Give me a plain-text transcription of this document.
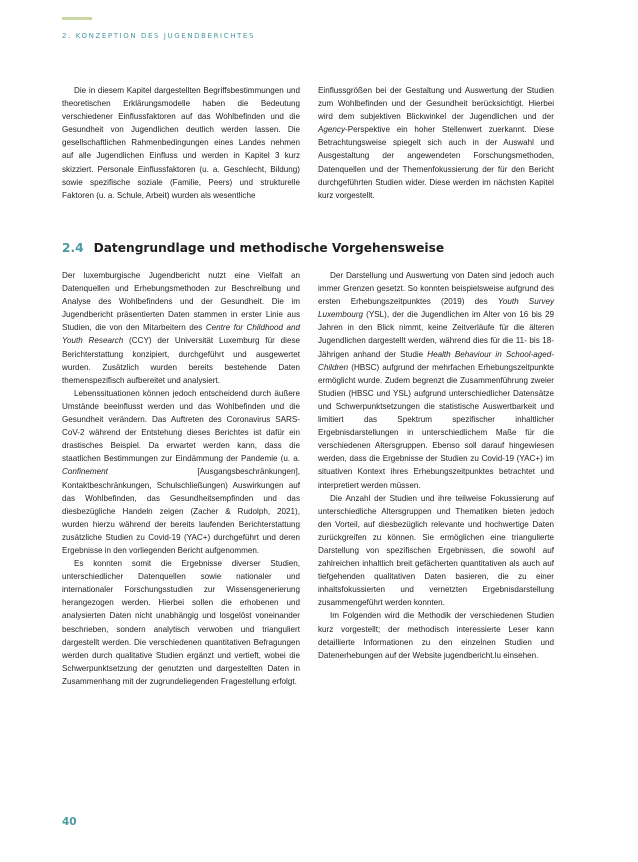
2. KONZEPTION DES JUGENDBERICHTES

Die in diesem Kapitel dargestellten Begriffsbestimmungen und theoretischen Erklärungsmodelle haben die Bedeutung verschiedener Einflussfaktoren auf das Wohlbefinden und die Gesundheit von Jugendlichen deutlich werden lassen. Die gesellschaftlichen Rahmenbedingungen eines Landes nehmen auf alle Jugendlichen Einfluss und werden in Kapitel 3 kurz skizziert. Personale Einflussfaktoren (u. a. Geschlecht, Bildung) sowie spezifische soziale (Familie, Peers) und strukturelle Faktoren (u. a. Schule, Arbeit) wurden als wesentliche

Einflussgrößen bei der Gestaltung und Auswertung der Studien zum Wohlbefinden und der Gesundheit berücksichtigt. Hierbei wird dem subjektiven Blickwinkel der Jugendlichen und der Agency-Perspektive ein hoher Stellenwert zuerkannt. Diese Betrachtungsweise spiegelt sich auch in der Auswahl und Ausgestaltung der angewendeten Forschungsmethoden, Datenquellen und der Themenfokussierung der für den Bericht durchgeführten Studien wider. Diese werden im nächsten Kapitel kurz vorgestellt.

2.4 Datengrundlage und methodische Vorgehensweise

Der luxemburgische Jugendbericht nutzt eine Vielfalt an Datenquellen und Erhebungsmethoden zur Beschreibung und Analyse des Wohlbefindens und der Gesundheit. Die im Jugendbericht präsentierten Daten stammen in erster Linie aus Studien, die von den Mitarbeitern des Centre for Childhood and Youth Research (CCY) der Universität Luxemburg für diese Berichterstattung konzipiert, durchgeführt und ausgewertet wurden. Zusätzlich wurden bereits bestehende Daten themenspezifisch aufbereitet und analysiert.

Lebenssituationen können jedoch entscheidend durch äußere Umstände beeinflusst werden und das Wohlbefinden und die Gesundheit verändern. Das Auftreten des Coronavirus SARS-CoV-2 während der Entstehung dieses Berichtes ist dafür ein drastisches Beispiel. Da erwartet werden kann, dass die staatlichen Bestimmungen zur Eindämmung der Pandemie (u. a. Confinement [Ausgangsbeschränkungen], Kontaktbeschränkungen, Schulschließungen) Auswirkungen auf das Wohlbefinden, das Gesundheitsempfinden und das diesbezügliche Handeln zeigen (Zacher & Rudolph, 2021), wurden hierzu während der bereits laufenden Berichterstattung zusätzliche Studien zu Covid-19 (YAC+) durchgeführt und deren Ergebnisse in den vorliegenden Bericht aufgenommen.

Es konnten somit die Ergebnisse diverser Studien, unterschiedlicher Datenquellen sowie nationaler und internationaler Forschungsstudien zur Wissensgenerierung herangezogen werden. Hierbei sollen die erhobenen und analysierten Daten nicht unabhängig und losgelöst voneinander beschrieben, sondern analytisch verwoben und trianguliert dargestellt werden. Die verschiedenen quantitativen Befragungen werden durch qualitative Studien ergänzt und vertieft, wobei die Schwerpunktsetzung der genutzten und dargestellten Daten in Zusammenhang mit der zugrundeliegenden Fragestellung erfolgt.

Der Darstellung und Auswertung von Daten sind jedoch auch immer Grenzen gesetzt. So konnten beispielsweise aufgrund des ersten Erhebungszeitpunktes (2019) des Youth Survey Luxembourg (YSL), der die Jugendlichen im Alter von 16 bis 29 Jahren in den Blick nimmt, keine Zeitverläufe für die älteren Jugendlichen dargestellt werden, während dies für die 11- bis 18-Jährigen anhand der Studie Health Behaviour in School-aged-Children (HBSC) aufgrund der mehrfachen Erhebungszeitpunkte ermöglicht wurde. Zudem begrenzt die Zusammenführung zweier Studien (HBSC und YSL) aufgrund unterschiedlicher Datensätze und Schwerpunktsetzungen die statistische Auswertbarkeit und limitiert das Spektrum spezifischer inhaltlicher Ergebnisdarstellungen in unterschiedlichem Maße für die verschiedenen Altersgruppen. Ebenso soll darauf hingewiesen werden, dass die Ergebnisse der Studien zu Covid-19 (YAC+) im situativen Kontext ihres Erhebungszeitpunktes betrachtet und interpretiert werden müssen.

Die Anzahl der Studien und ihre teilweise Fokussierung auf unterschiedliche Altersgruppen und Thematiken bieten jedoch den Vorteil, auf diesbezüglich relevante und hochwertige Daten zurückgreifen zu können. Sie ermöglichen eine triangulierte Darstellung von spezifischen Ergebnissen, die sowohl auf zahlreichen inhaltlich breit gefächerten quantitativen als auch auf tiefgehenden qualitativen Daten basieren, die zu einer inhaltsfokussierten und vernetzten Ergebnisdarstellung zusammengeführt werden konnten.

Im Folgenden wird die Methodik der verschiedenen Studien kurz vorgestellt; der methodisch interessierte Leser kann detaillierte Informationen zu den einzelnen Studien und Datenerhebungen auf der Website jugendbericht.lu einsehen.

40
